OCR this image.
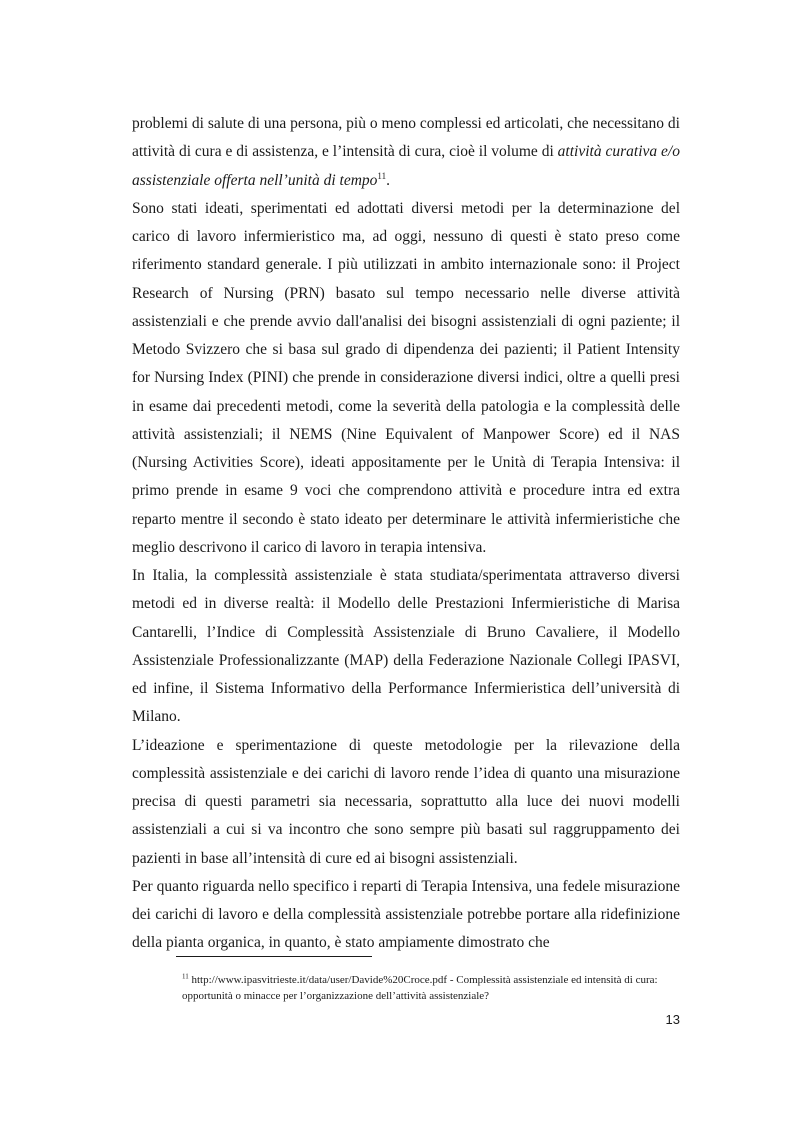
problemi di salute di una persona, più o meno complessi ed articolati, che necessitano di attività di cura e di assistenza, e l’intensità di cura, cioè il volume di attività curativa e/o assistenziale offerta nell’unità di tempo$^{11}$.

Sono stati ideati, sperimentati ed adottati diversi metodi per la determinazione del carico di lavoro infermieristico ma, ad oggi, nessuno di questi è stato preso come riferimento standard generale. I più utilizzati in ambito internazionale sono: il Project Research of Nursing (PRN) basato sul tempo necessario nelle diverse attività assistenziali e che prende avvio dall'analisi dei bisogni assistenziali di ogni paziente; il Metodo Svizzero che si basa sul grado di dipendenza dei pazienti; il Patient Intensity for Nursing Index (PINI) che prende in considerazione diversi indici, oltre a quelli presi in esame dai precedenti metodi, come la severità della patologia e la complessità delle attività assistenziali; il NEMS (Nine Equivalent of Manpower Score) ed il NAS (Nursing Activities Score), ideati appositamente per le Unità di Terapia Intensiva: il primo prende in esame 9 voci che comprendono attività e procedure intra ed extra reparto mentre il secondo è stato ideato per determinare le attività infermieristiche che meglio descrivono il carico di lavoro in terapia intensiva.

In Italia, la complessità assistenziale è stata studiata/sperimentata attraverso diversi metodi ed in diverse realtà: il Modello delle Prestazioni Infermieristiche di Marisa Cantarelli, l’Indice di Complessità Assistenziale di Bruno Cavaliere, il Modello Assistenziale Professionalizzante (MAP) della Federazione Nazionale Collegi IPASVI, ed infine, il Sistema Informativo della Performance Infermieristica dell’università di Milano.

L’ideazione e sperimentazione di queste metodologie per la rilevazione della complessità assistenziale e dei carichi di lavoro rende l’idea di quanto una misurazione precisa di questi parametri sia necessaria, soprattutto alla luce dei nuovi modelli assistenziali a cui si va incontro che sono sempre più basati sul raggruppamento dei pazienti in base all’intensità di cure ed ai bisogni assistenziali.

Per quanto riguarda nello specifico i reparti di Terapia Intensiva, una fedele misurazione dei carichi di lavoro e della complessità assistenziale potrebbe portare alla ridefinizione della pianta organica, in quanto, è stato ampiamente dimostrato che

$^{11}$ http://www.ipasvitrieste.it/data/user/Davide%20Croce.pdf - Complessità assistenziale ed intensità di cura: opportunità o minacce per l’organizzazione dell’attività assistenziale?

13
